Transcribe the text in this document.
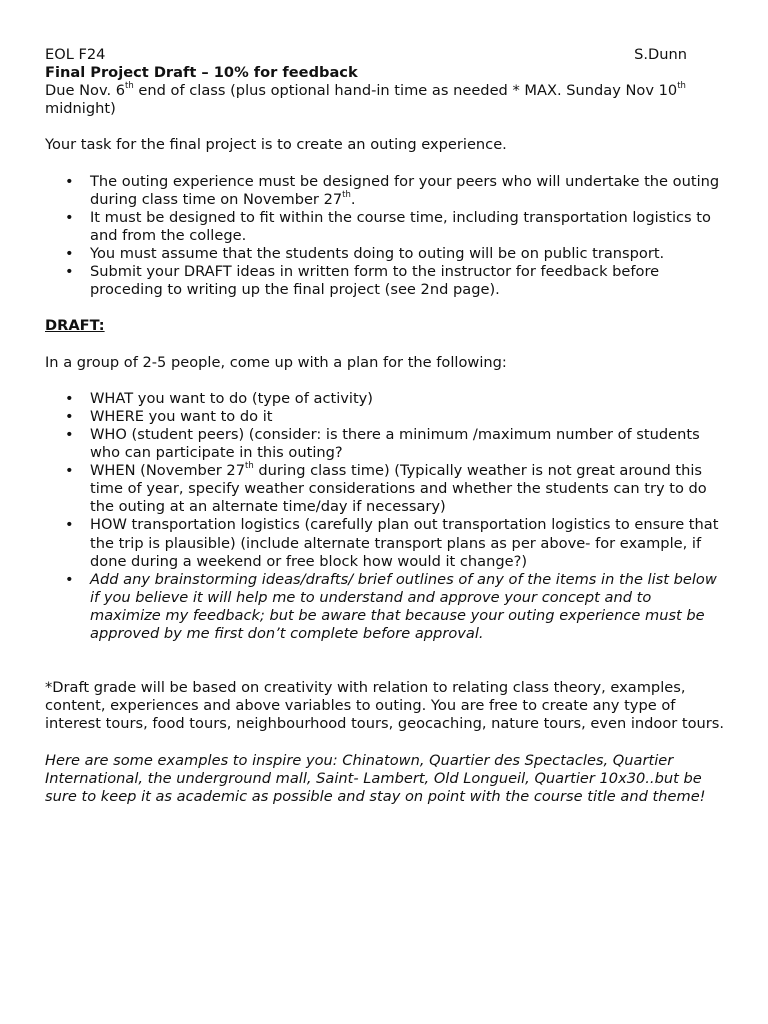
EOL F24	S.Dunn

Final Project Draft – 10% for feedback

Due Nov. 6th end of class (plus optional hand-in time as needed * MAX. Sunday Nov 10th midnight)

Your task for the final project is to create an outing experience.

• The outing experience must be designed for your peers who will undertake the outing during class time on November 27th.
• It must be designed to fit within the course time, including transportation logistics to and from the college.
• You must assume that the students doing to outing will be on public transport.
• Submit your DRAFT ideas in written form to the instructor for feedback before proceding to writing up the final project (see 2nd page).

DRAFT:

In a group of 2-5 people, come up with a plan for the following:

• WHAT you want to do (type of activity)
• WHERE you want to do it
• WHO (student peers) (consider: is there a minimum /maximum number of students who can participate in this outing?
• WHEN (November 27th during class time) (Typically weather is not great around this time of year, specify weather considerations and whether the students can try to do the outing at an alternate time/day if necessary)
• HOW transportation logistics (carefully plan out transportation logistics to ensure that the trip is plausible) (include alternate transport plans as per above- for example, if done during a weekend or free block how would it change?)
• Add any brainstorming ideas/drafts/ brief outlines of any of the items in the list below if you believe it will help me to understand and approve your concept and to maximize my feedback; but be aware that because your outing experience must be approved by me first don’t complete before approval.

*Draft grade will be based on creativity with relation to relating class theory, examples, content, experiences and above variables to outing. You are free to create any type of interest tours, food tours, neighbourhood tours, geocaching, nature tours, even indoor tours.

Here are some examples to inspire you: Chinatown, Quartier des Spectacles, Quartier International, the underground mall, Saint- Lambert, Old Longueil, Quartier 10x30..but be sure to keep it as academic as possible and stay on point with the course title and theme!
